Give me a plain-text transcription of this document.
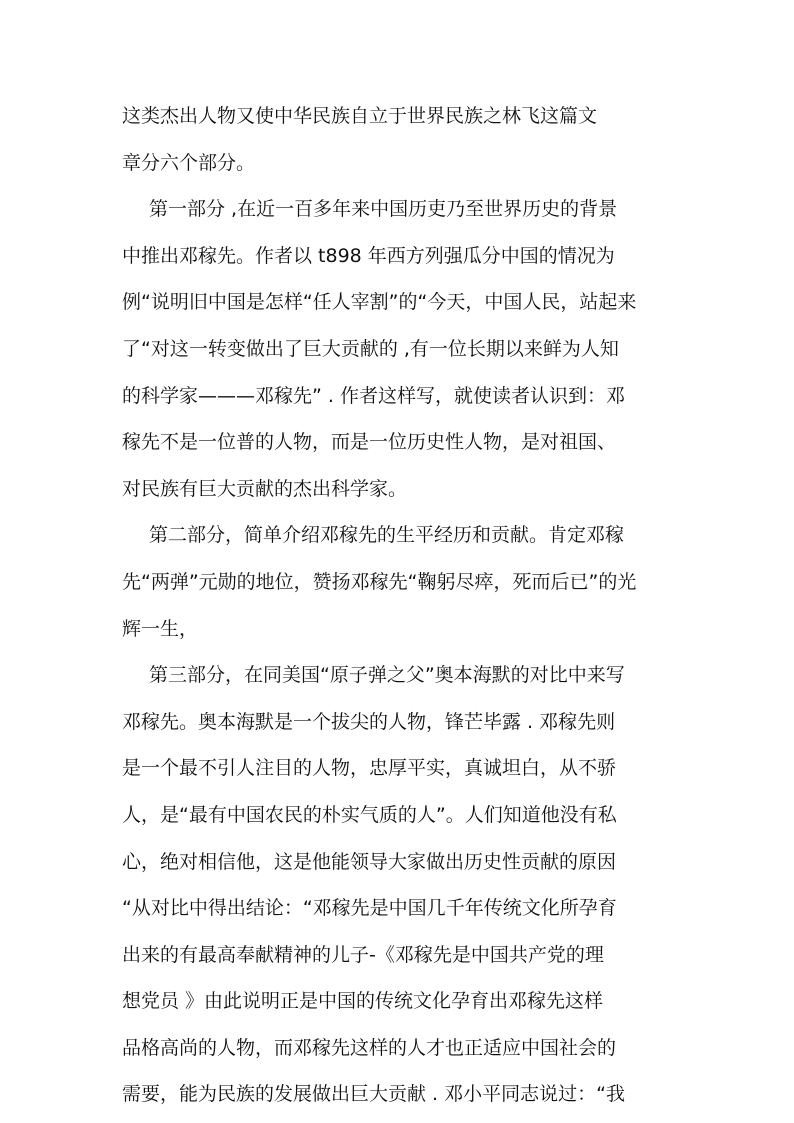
这类杰出人物又使中华民族自立于世界民族之林飞这篇文
章分六个部分。
第一部分 ,在近一百多年来中国历吏乃至世界历史的背景
中推出邓稼先。作者以 t898 年西方列强瓜分中国的情况为
例“说明旧中国是怎样“任人宰割”的“今天，中国人民，站起来
了“对这一转变做出了巨大贡献的 ,有一位长期以来鲜为人知
的科学家———邓稼先” . 作者这样写，就使读者认识到：邓
稼先不是一位普的人物，而是一位历史性人物，是对祖国、
对民族有巨大贡献的杰出科学家。
第二部分，简单介绍邓稼先的生平经历和贡献。肯定邓稼
先“两弹”元勋的地位，赞扬邓稼先“鞠躬尽瘁，死而后已”的光
辉一生，
第三部分，在同美国“原子弹之父”奥本海默的对比中来写
邓稼先。奥本海默是一个拔尖的人物，锋芒毕露 . 邓稼先则
是一个最不引人注目的人物，忠厚平实，真诚坦白，从不骄
人，是“最有中国农民的朴实气质的人”。人们知道他没有私
心，绝对相信他，这是他能领导大家做出历史性贡献的原因
“从对比中得出结论：“邓稼先是中国几千年传统文化所孕育
出来的有最高奉献精神的儿子-《邓稼先是中国共产党的理
想党员 》由此说明正是中国的传统文化孕育出邓稼先这样
品格高尚的人物，而邓稼先这样的人才也正适应中国社会的
需要，能为民族的发展做出巨大贡献 . 邓小平同志说过：“我
